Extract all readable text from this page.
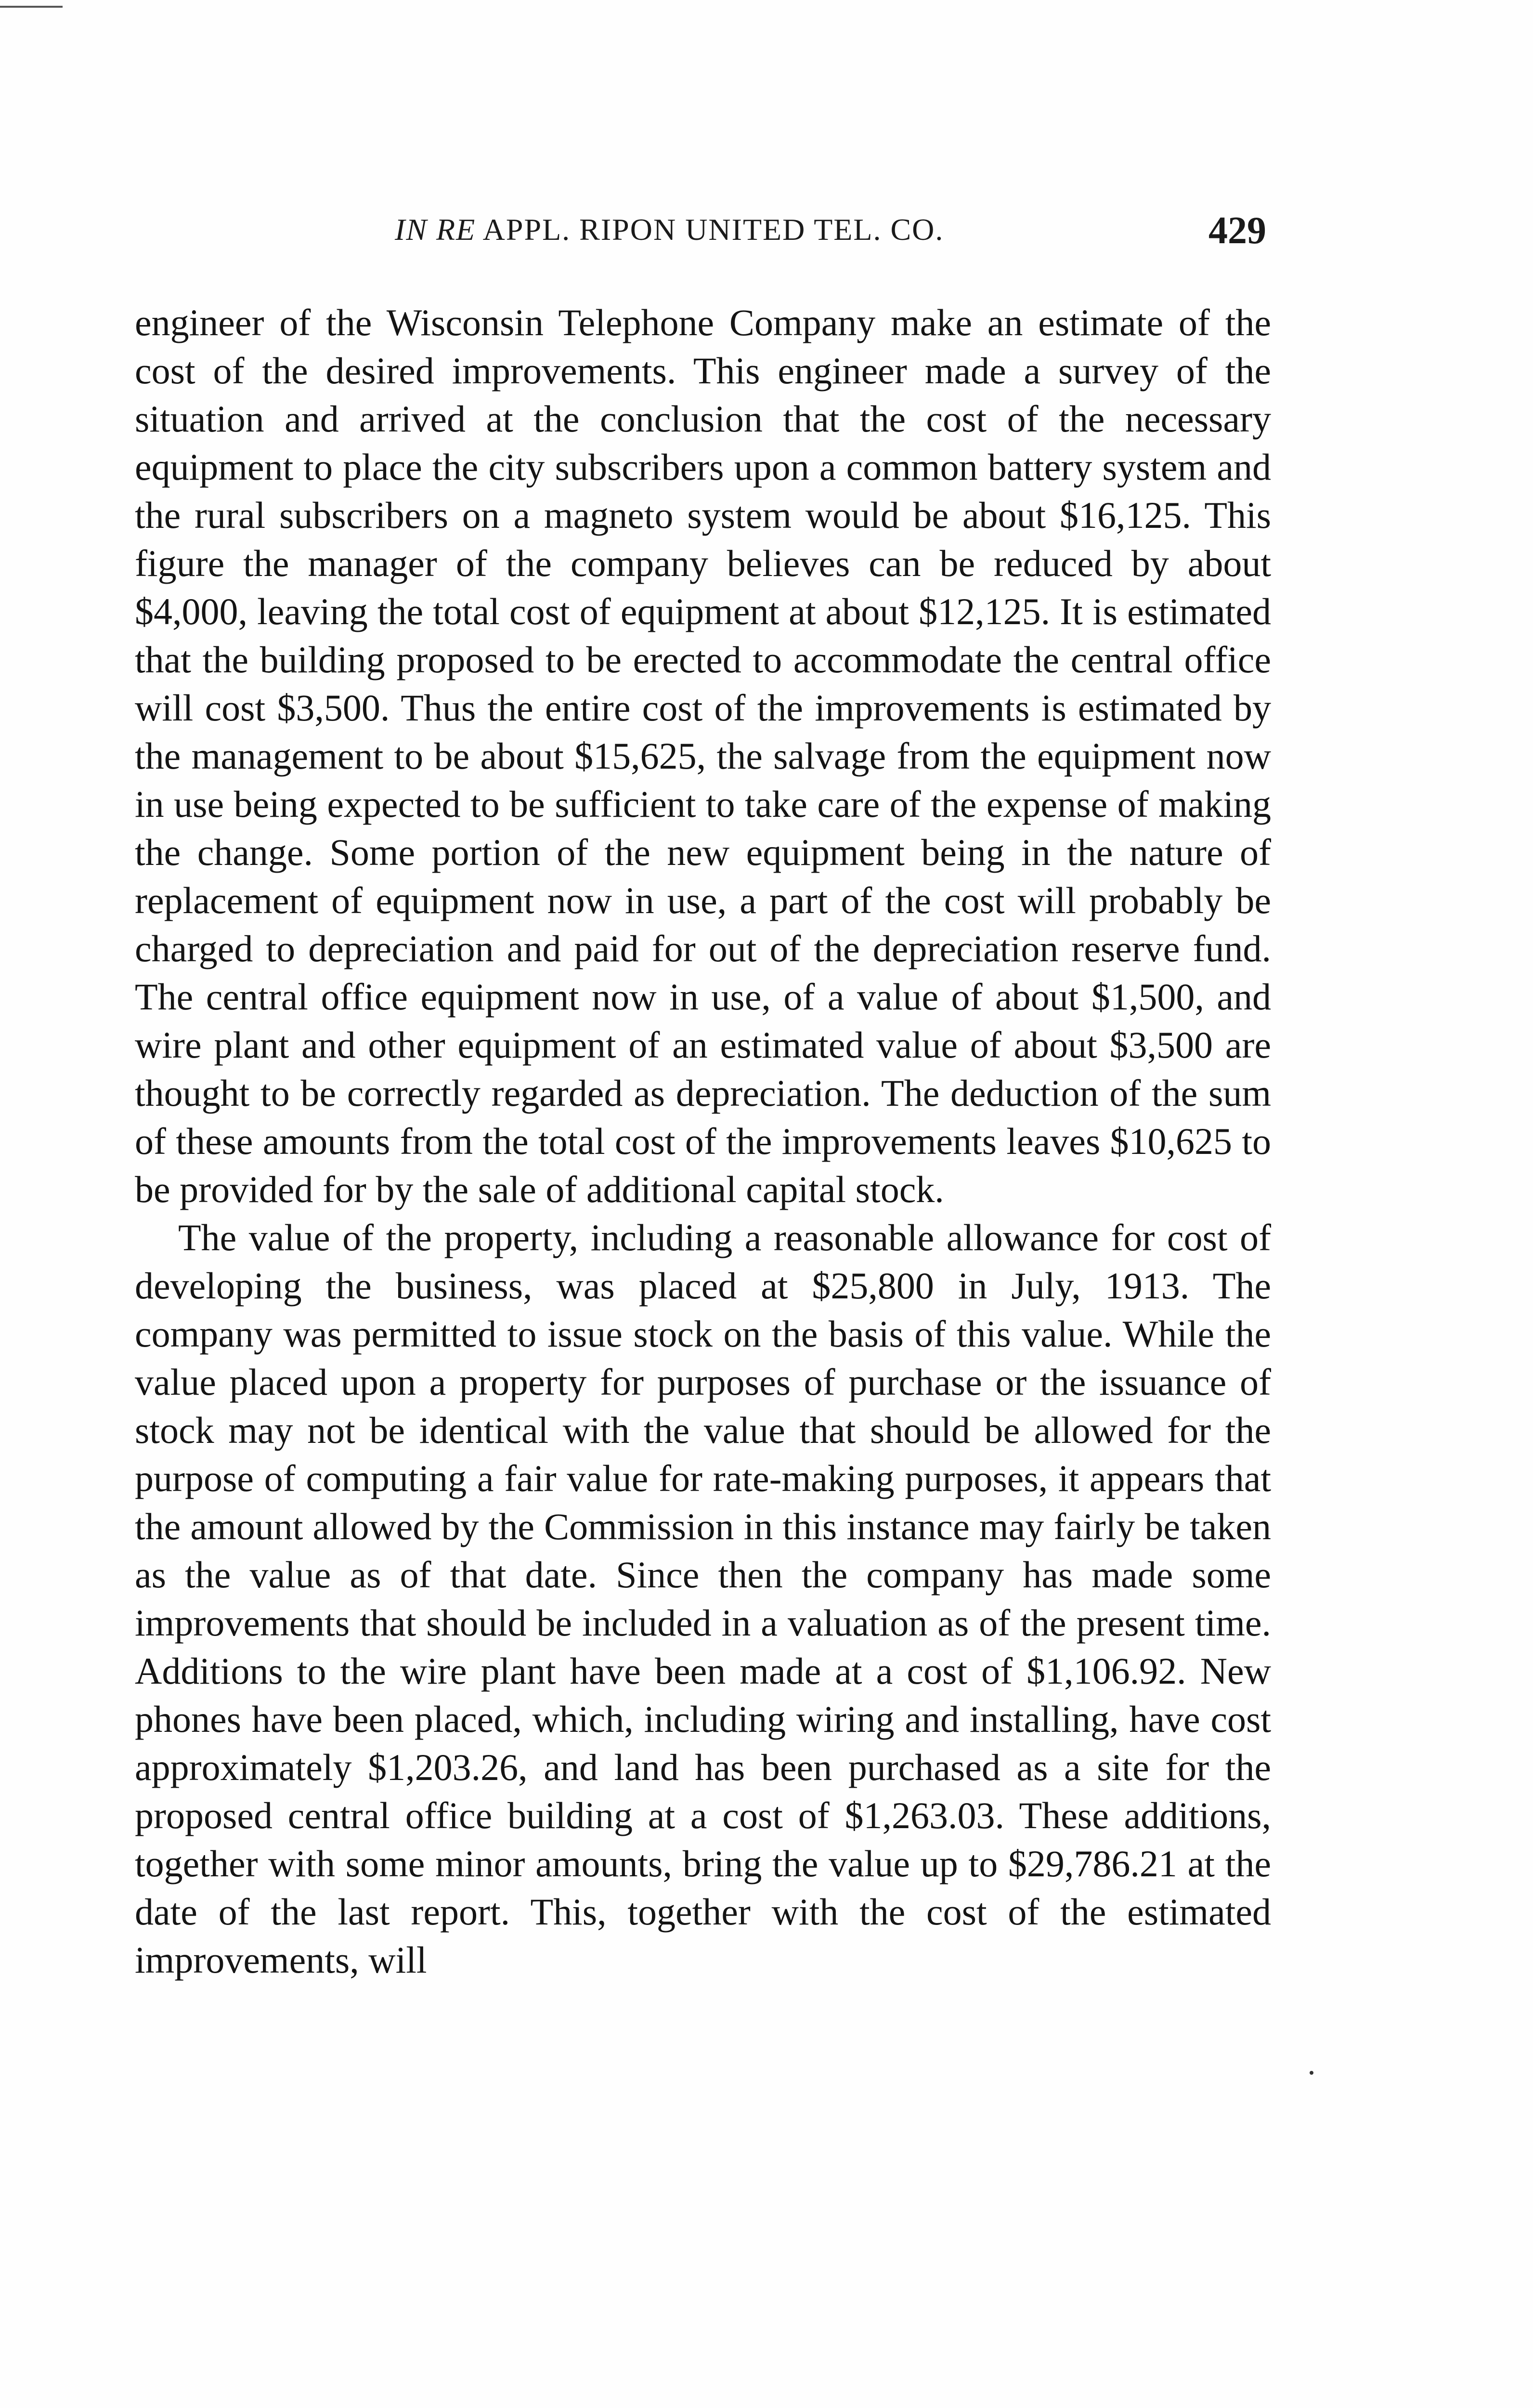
IN RE APPL. RIPON UNITED TEL. CO.	429

engineer of the Wisconsin Telephone Company make an estimate of the cost of the desired improvements. This engineer made a survey of the situation and arrived at the conclusion that the cost of the necessary equipment to place the city subscribers upon a common battery system and the rural subscribers on a magneto system would be about $16,125. This figure the manager of the company believes can be reduced by about $4,000, leaving the total cost of equipment at about $12,125. It is estimated that the building proposed to be erected to accommodate the central office will cost $3,500. Thus the entire cost of the improvements is estimated by the management to be about $15,625, the salvage from the equipment now in use being expected to be sufficient to take care of the expense of making the change. Some portion of the new equipment being in the nature of replacement of equipment now in use, a part of the cost will probably be charged to depreciation and paid for out of the depreciation reserve fund. The central office equipment now in use, of a value of about $1,500, and wire plant and other equipment of an estimated value of about $3,500 are thought to be correctly regarded as depreciation. The deduction of the sum of these amounts from the total cost of the improvements leaves $10,625 to be provided for by the sale of additional capital stock.

The value of the property, including a reasonable allowance for cost of developing the business, was placed at $25,800 in July, 1913. The company was permitted to issue stock on the basis of this value. While the value placed upon a property for purposes of purchase or the issuance of stock may not be identical with the value that should be allowed for the purpose of computing a fair value for rate-making purposes, it appears that the amount allowed by the Commission in this instance may fairly be taken as the value as of that date. Since then the company has made some improvements that should be included in a valuation as of the present time. Additions to the wire plant have been made at a cost of $1,106.92. New phones have been placed, which, including wiring and installing, have cost approximately $1,203.26, and land has been purchased as a site for the proposed central office building at a cost of $1,263.03. These additions, together with some minor amounts, bring the value up to $29,786.21 at the date of the last report. This, together with the cost of the estimated improvements, will
